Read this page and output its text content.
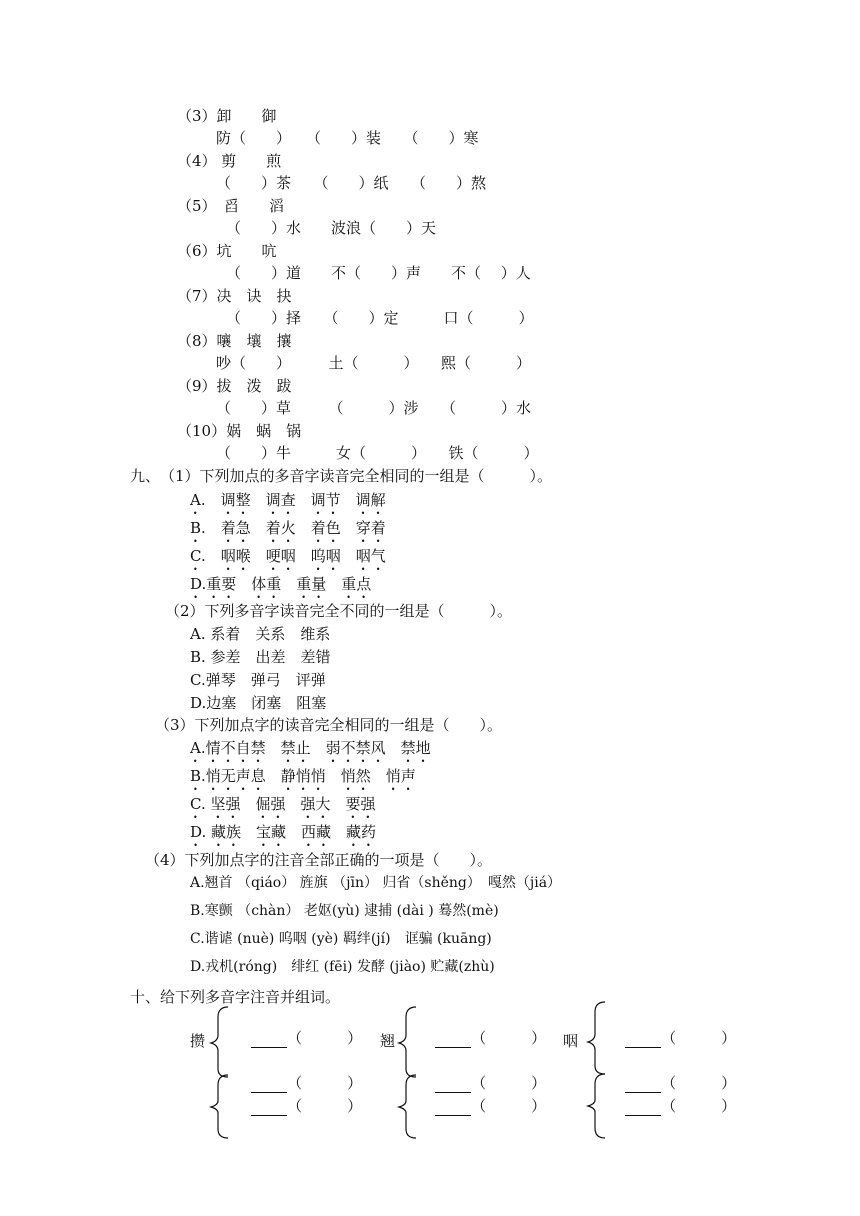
（3）卸　　御
防（　　）　　（　　）装　　（　　）寒
（4） 剪　　煎
（　　）茶　　（　　）纸　　（　　）熬
（5）　舀　　滔
（　　）水　　波浪（　　）天
（6）坑　　吭
（　　）道　　不（　　）声　　不（　 ）人
（7）决　诀　抉
（　　）择　　（　　）定　　　口（　　　）
（8）嚷　壤　攘
吵（　　）　　　土（　　　）　　熙（　　　）
（9）拔　泼　跋
（　　）草　　　（　　　）涉　　（　　　）水
（10）娲　蜗　锅
（　　）牛　　　女（　　　）　　铁（　　　）
九、 （1）下列加点的多音字读音完全相同的一组是（　　　）。
A.　调整　调查　调节　调解
B.　着急　着火　着色　穿着
C.　咽喉　哽咽　呜咽　咽气
D.重要　体重　重量　重点
（2）下列多音字读音完全不同的一组是（　　　）。
A. 系着　关系　维系
B. 参差　出差　差错
C.弹琴　弹弓　评弹
D.边塞　闭塞　阻塞
（3）下列加点字的读音完全相同的一组是（　　）。
A.情不自禁　禁止　弱不禁风　禁地
B.悄无声息　静悄悄　悄然　悄声
C. 坚强　倔强　强大　要强
D. 藏族　宝藏　西藏　藏药
（4）下列加点字的注音全部正确的一项是（　　）。
A.翘首 （qiáo） 旌旗 （jīn） 归省（shěng）　嘎然（jiá）
B.寒颤 （chàn） 老妪(yù) 逮捕 (dài ) 蓦然(mè)
C.谐谑 (nuè) 呜咽 (yè) 羁绊(jí)　诓骗 (kuāng)
D.戎机(róng)　绯红 (fēi) 发酵 (jiào) 贮藏(zhù)
十、给下列多音字注音并组词。
攒	（　　　）

（　　　）

（　　　）

翘	（　　　）

（　　　）

（　　　）

咽	（　　　）

（　　　）

（　　　）
